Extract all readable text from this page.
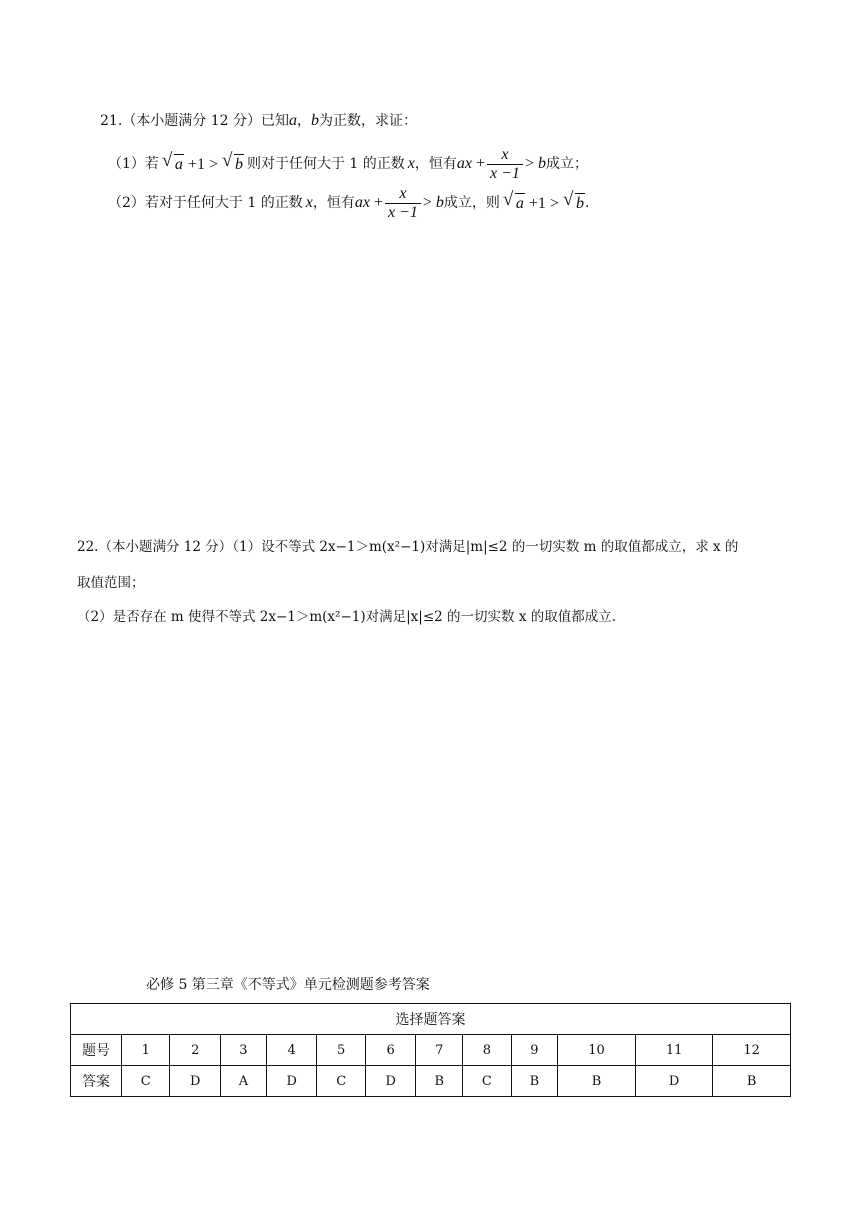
21.（本小题满分 12 分）已知a，b为正数，求证：
（1）若	√ a +1 > √ b 则对于任何大于 1 的正数 x ，恒有 ax + $\frac{x}{x -1} > b$ 成立；
（2）若对于任何大于 1 的正数 x ，恒有 ax + $\frac{x}{x -1} > b$ 成立，则	√ a +1 > √ b .
22.（本小题满分 12 分）（1）设不等式 2x−1＞m(x²−1)对满足|m|≤2 的一切实数 m 的取值都成立，求 x 的
取值范围；
（2）是否存在 m 使得不等式 2x−1＞m(x²−1)对满足|x|≤2 的一切实数 x 的取值都成立.
必修 5 第三章《不等式》单元检测题参考答案
选择题答案												
题号	1	2	3	4	5	6	7	8	9	10	11	12
答案	C	D	A	D	C	D	B	C	B	B	D	B
